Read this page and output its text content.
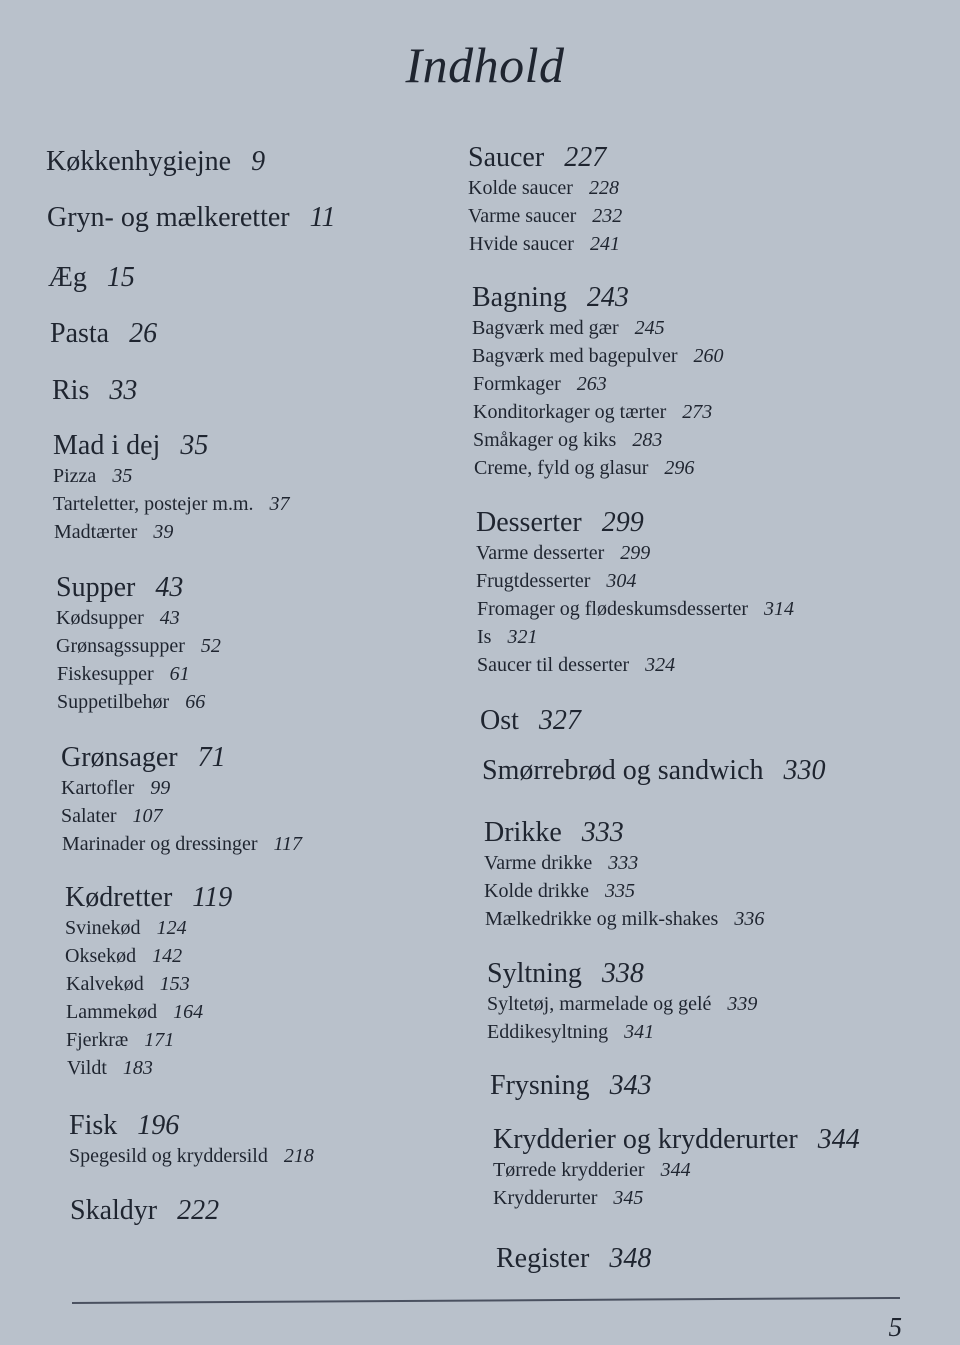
Indhold
Køkkenhygiejne 9
Gryn- og mælkeretter 11
Æg 15
Pasta 26
Ris 33
Mad i dej 35
Pizza 35
Tarteletter, postejer m.m. 37
Madtærter 39
Supper 43
Kødsupper 43
Grønsagssupper 52
Fiskesupper 61
Suppetilbehør 66
Grønsager 71
Kartofler 99
Salater 107
Marinader og dressinger 117
Kødretter 119
Svinekød 124
Oksekød 142
Kalvekød 153
Lammekød 164
Fjerkræ 171
Vildt 183
Fisk 196
Spegesild og kryddersild 218
Skaldyr 222
Saucer 227
Kolde saucer 228
Varme saucer 232
Hvide saucer 241
Bagning 243
Bagværk med gær 245
Bagværk med bagepulver 260
Formkager 263
Konditorkager og tærter 273
Småkager og kiks 283
Creme, fyld og glasur 296
Desserter 299
Varme desserter 299
Frugtdesserter 304
Fromager og flødeskumsdesserter 314
Is 321
Saucer til desserter 324
Ost 327
Smørrebrød og sandwich 330
Drikke 333
Varme drikke 333
Kolde drikke 335
Mælkedrikke og milk-shakes 336
Syltning 338
Syltetøj, marmelade og gelé 339
Eddikesyltning 341
Frysning 343
Krydderier og krydderurter 344
Tørrede krydderier 344
Krydderurter 345
Register 348
5
